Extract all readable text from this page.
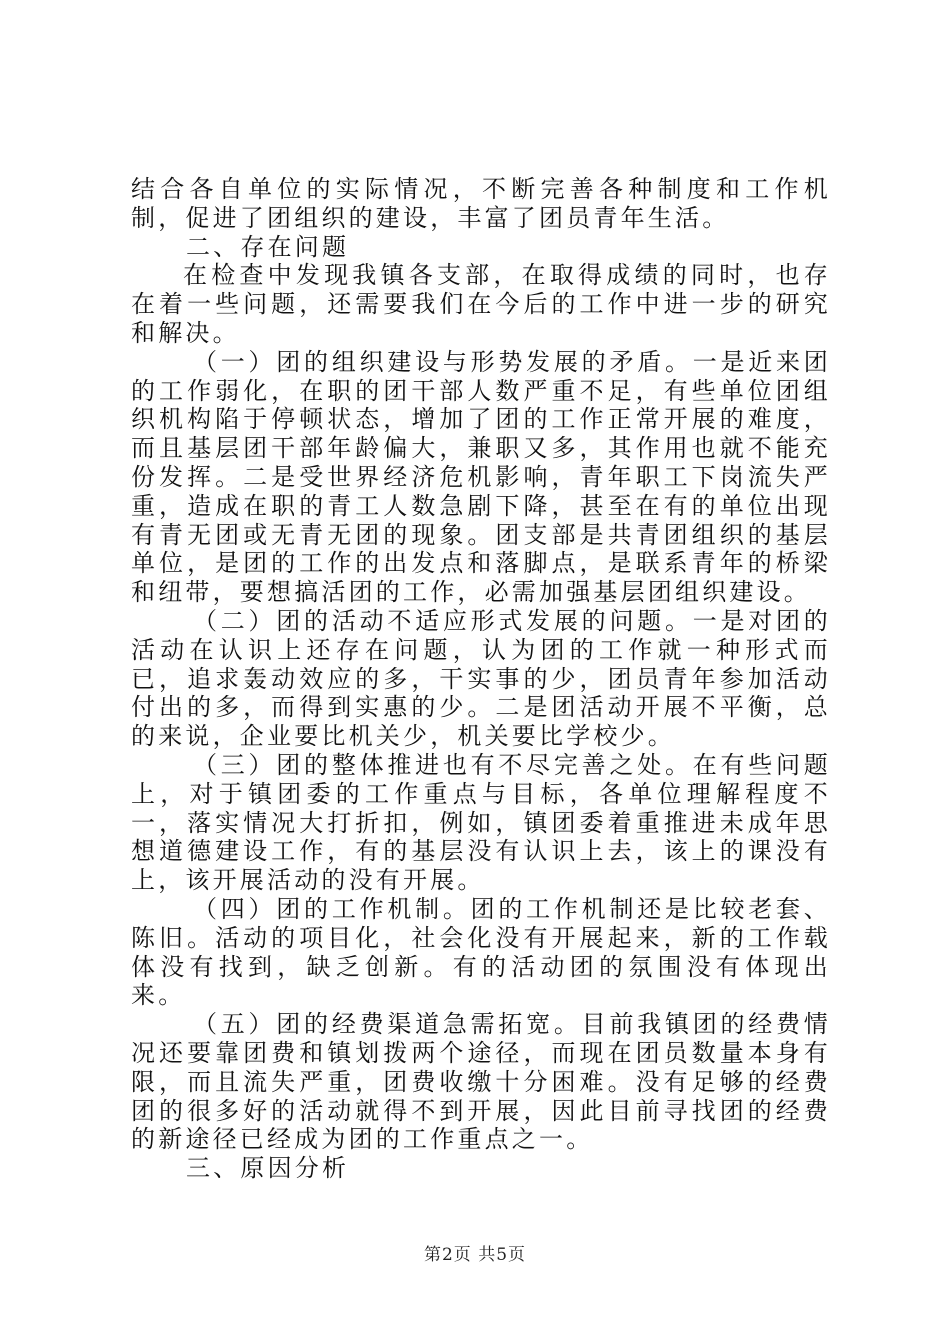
结合各自单位的实际情况，不断完善各种制度和工作机制，促进了团组织的建设，丰富了团员青年生活。

二、存在问题

在检查中发现我镇各支部，在取得成绩的同时，也存在着一些问题，还需要我们在今后的工作中进一步的研究和解决。

（一）团的组织建设与形势发展的矛盾。一是近来团的工作弱化，在职的团干部人数严重不足，有些单位团组织机构陷于停顿状态，增加了团的工作正常开展的难度，而且基层团干部年龄偏大，兼职又多，其作用也就不能充份发挥。二是受世界经济危机影响，青年职工下岗流失严重，造成在职的青工人数急剧下降，甚至在有的单位出现有青无团或无青无团的现象。团支部是共青团组织的基层单位，是团的工作的出发点和落脚点，是联系青年的桥梁和纽带，要想搞活团的工作，必需加强基层团组织建设。

（二）团的活动不适应形式发展的问题。一是对团的活动在认识上还存在问题，认为团的工作就一种形式而已，追求轰动效应的多，干实事的少，团员青年参加活动付出的多，而得到实惠的少。二是团活动开展不平衡，总的来说，企业要比机关少，机关要比学校少。

（三）团的整体推进也有不尽完善之处。在有些问题上，对于镇团委的工作重点与目标，各单位理解程度不一，落实情况大打折扣，例如，镇团委着重推进未成年思想道德建设工作，有的基层没有认识上去，该上的课没有上，该开展活动的没有开展。

（四）团的工作机制。团的工作机制还是比较老套、陈旧。活动的项目化，社会化没有开展起来，新的工作载体没有找到，缺乏创新。有的活动团的氛围没有体现出来。

（五）团的经费渠道急需拓宽。目前我镇团的经费情况还要靠团费和镇划拨两个途径，而现在团员数量本身有限，而且流失严重，团费收缴十分困难。没有足够的经费团的很多好的活动就得不到开展，因此目前寻找团的经费的新途径已经成为团的工作重点之一。

三、原因分析

第2页 共5页
